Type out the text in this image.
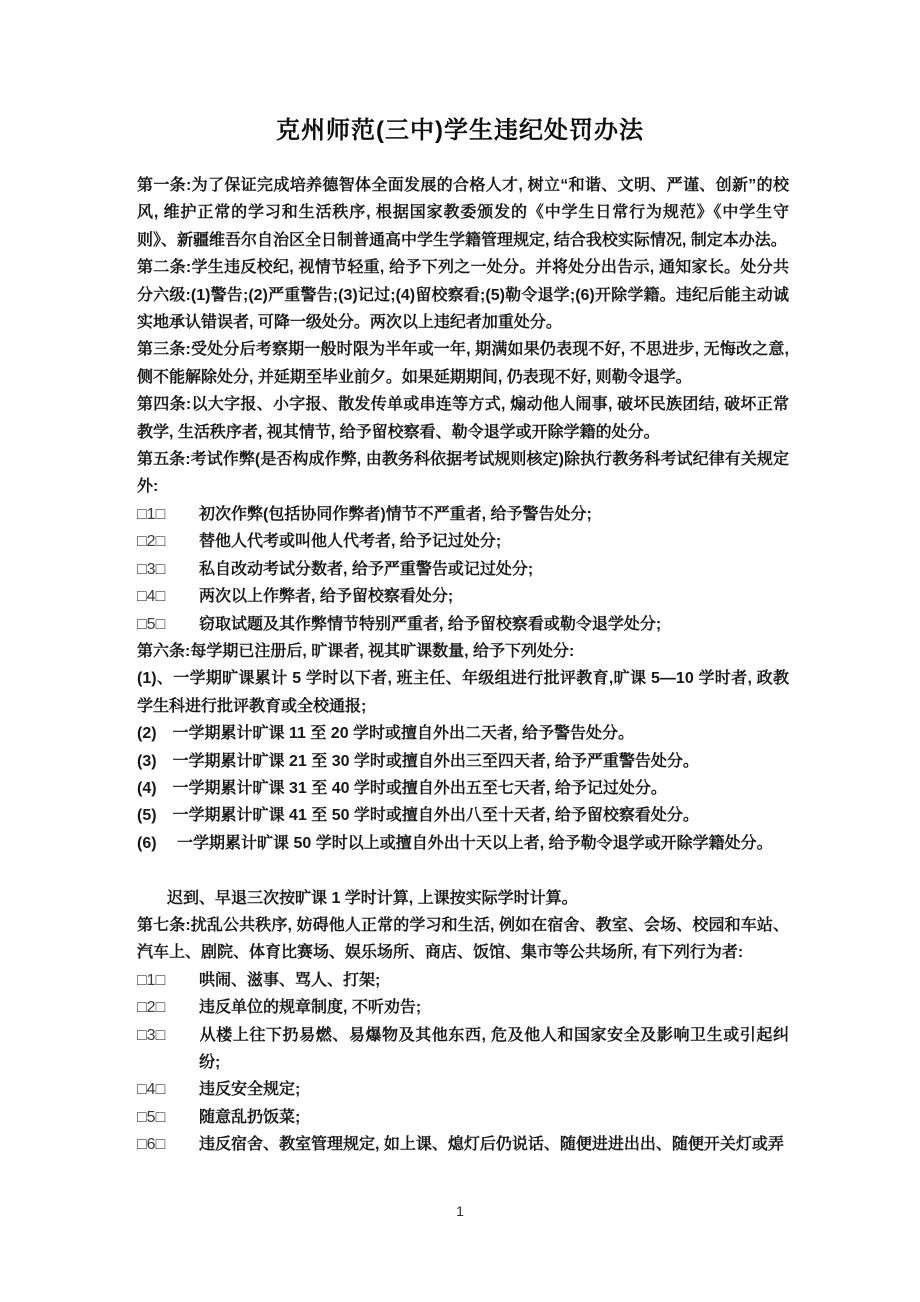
克州师范(三中)学生违纪处罚办法
第一条:为了保证完成培养德智体全面发展的合格人才, 树立“和谐、文明、严谨、创新”的校风, 维护正常的学习和生活秩序, 根据国家教委颁发的《中学生日常行为规范》《中学生守则》、新疆维吾尔自治区全日制普通高中学生学籍管理规定, 结合我校实际情况, 制定本办法。
第二条:学生违反校纪, 视情节轻重, 给予下列之一处分。并将处分出告示, 通知家长。处分共分六级:(1)警告;(2)严重警告;(3)记过;(4)留校察看;(5)勒令退学;(6)开除学籍。违纪后能主动诚实地承认错误者, 可降一级处分。两次以上违纪者加重处分。
第三条:受处分后考察期一般时限为半年或一年, 期满如果仍表现不好, 不思进步, 无悔改之意, 侧不能解除处分, 并延期至毕业前夕。如果延期期间, 仍表现不好, 则勒令退学。
第四条:以大字报、小字报、散发传单或串连等方式, 煽动他人闹事, 破坏民族团结, 破坏正常教学, 生活秩序者, 视其情节, 给予留校察看、勒令退学或开除学籍的处分。
第五条:考试作弊(是否构成作弊, 由教务科依据考试规则核定)除执行教务科考试纪律有关规定外:
□1□ 初次作弊(包括协同作弊者)情节不严重者, 给予警告处分;
□2□ 替他人代考或叫他人代考者, 给予记过处分;
□3□ 私自改动考试分数者, 给予严重警告或记过处分;
□4□ 两次以上作弊者, 给予留校察看处分;
□5□ 窃取试题及其作弊情节特别严重者, 给予留校察看或勒令退学处分;
第六条:每学期已注册后, 旷课者, 视其旷课数量, 给予下列处分:
(1)、一学期旷课累计 5 学时以下者, 班主任、年级组进行批评教育,旷课 5—10 学时者, 政教学生科进行批评教育或全校通报;
(2)　一学期累计旷课 11 至 20 学时或擅自外出二天者, 给予警告处分。
(3)　一学期累计旷课 21 至 30 学时或擅自外出三至四天者, 给予严重警告处分。
(4)　一学期累计旷课 31 至 40 学时或擅自外出五至七天者, 给予记过处分。
(5)　一学期累计旷课 41 至 50 学时或擅自外出八至十天者, 给予留校察看处分。
(6)　 一学期累计旷课 50 学时以上或擅自外出十天以上者, 给予勒令退学或开除学籍处分。
迟到、早退三次按旷课 1 学时计算, 上课按实际学时计算。
第七条:扰乱公共秩序, 妨碍他人正常的学习和生活, 例如在宿舍、教室、会场、校园和车站、汽车上、剧院、体育比赛场、娱乐场所、商店、饭馆、集市等公共场所, 有下列行为者:
□1□ 哄闹、滋事、骂人、打架;
□2□ 违反单位的规章制度, 不听劝告;
□3□ 从楼上往下扔易燃、易爆物及其他东西, 危及他人和国家安全及影响卫生或引起纠纷;
□4□ 违反安全规定;
□5□ 随意乱扔饭菜;
□6□ 违反宿舍、教室管理规定, 如上课、熄灯后仍说话、随便进进出出、随便开关灯或弄
1
